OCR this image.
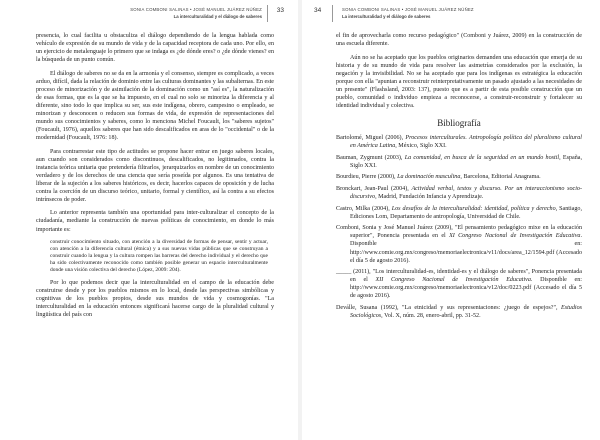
SONIA COMBONI SALINAS • JOSÉ MANUEL JUÁREZ NÚÑEZ
La interculturalidad y el diálogo de saberes
33

presencia, lo cual facilita u obstaculiza el diálogo dependiendo de la lengua hablada como vehículo de expresión de su mundo de vida y de la capacidad receptora de cada uno. Por ello, en un ejercicio de metalenguaje lo primero que se indaga es ¿de dónde eres? o ¿de dónde vienes? en la búsqueda de un punto común.

El diálogo de saberes no se da en la armonía y el consenso, siempre es complicado, a veces arduo, difícil, dada la relación de dominio entre las culturas dominantes y las subalternas. En este proceso de minorización y de asimilación de la dominación como un "así es", la naturalización de esas formas, que es la que se ha impuesto, en el cual no solo se minoriza la diferencia y al diferente, sino todo lo que implica su ser, sus este indígena, obrero, campesino o empleado, se minorizan y desconocen o reducen sus formas de vida, de expresión de representaciones del mundo sus conocimientos y saberes, como lo menciona Michel Foucault, los "saberes sujetos" (Foucault, 1976), aquellos saberes que han sido descalificados en aras de lo "occidental" o de la modernidad (Foucault, 1976: 18).

Para contrarrestar este tipo de actitudes se propone hacer entrar en juego saberes locales, aun cuando son considerados como discontinuos, descalificados, no legitimados, contra la instancia teórica unitaria que pretendería filtrarlos, jerarquizarlos en nombre de un conocimiento verdadero y de los derechos de una ciencia que sería poseída por algunos. Es una tentativa de liberar de la sujeción a los saberes históricos, es decir, hacerlos capaces de oposición y de lucha contra la coerción de un discurso teórico, unitario, formal y científico, así la contra a su efectos intrínsecos de poder.

Lo anterior representa también una oportunidad para inter-culturalizar el concepto de la ciudadanía, mediante la construcción de nuevas políticas de conocimiento, en donde lo más importante es:

construir conocimiento situado, con atención a la diversidad de formas de pensar, sentir y actuar, con atención a la diferencia cultural (étnica) y a sus nuevas vidas públicas que se construyan a construir cuando la lengua y la cultura rompen las barreras del derecho individual y el derecho que ha sido colectivamente reconocido como también posible generar un espacio interculturalmente donde una visión colectiva del derecho (López, 2009: 204).

Por lo que podemos decir que la interculturalidad en el campo de la educación debe construirse desde y por los pueblos mismos en lo local, desde las perspectivas simbólicas y cognitivas de los pueblos propios, desde sus mundos de vida y cosmogonías. "La interculturalidad en la educación entonces significará hacerse cargo de la pluralidad cultural y lingüística del país con

34	SONIA COMBONI SALINAS • JOSÉ MANUEL JUÁREZ NÚÑEZ
La interculturalidad y el diálogo de saberes

el fin de aprovecharla como recurso pedagógico" (Comboni y Juárez, 2009) en la construcción de una escuela diferente.

Aún no se ha aceptado que los pueblos originarios demanden una educación que emerja de su historia y de su mundo de vida para resolver las asimetrías considerados por la exclusión, la negación y la invisibilidad. No se ha aceptado que para los indígenas es estratégica la educación porque con ella "apuntan a reconstruir reinterpretativamente un pasado ajustado a las necesidades de un presente" (Flashsland, 2003: 137), puesto que es a partir de esta posible construcción que un pueblo, comunidad o individuo empieza a reconocerse, a construir-reconstruir y fortalecer su identidad individual y colectiva.

Bibliografía

Bartolomé, Miguel (2006), Procesos interculturales. Antropología política del pluralismo cultural en América Latina, México, Siglo XXI.

Bauman, Zygmunt (2003), La comunidad, en busca de la seguridad en un mundo hostil, España, Siglo XXI.

Bourdieu, Pierre (2000), La dominación masculina, Barcelona, Editorial Anagrama.

Bronckart, Jean-Paul (2004), Actividad verbal, textos y discurso. Por un interaccionismo socio-discursivo, Madrid, Fundación Infancia y Aprendizaje.

Castro, Milka (2004), Los desafíos de la interculturalidad: identidad, política y derecho, Santiago, Ediciones Lom, Departamento de antropología, Universidad de Chile.

Comboni, Sonia y José Manuel Juárez (2009), "El pensamiento pedagógico mixe en la educación superior", Ponencia presentada en el XI Congreso Nacional de Investigación Educativa. Disponible en: http://www.comie.org.mx/congreso/memoriaelectronica/v11/docs/area_12/1594.pdf (Accesado el día 5 de agosto 2016).

_____ (2011), "Los interculturalidad-es, identidad-es y el diálogo de saberes", Ponencia presentada en el XII Congreso Nacional de Investigación Educativa. Disponible en: http://www.comie.org.mx/congreso/memoriaelectronica/v12/doc/0223.pdf (Accesado el día 5 de agosto 2016).

Deválle, Susana (1992), "La etnicidad y sus representaciones: ¿juego de espejos?", Estudios Sociológicos, Vol. X, núm. 28, enero-abril, pp. 31-52.
